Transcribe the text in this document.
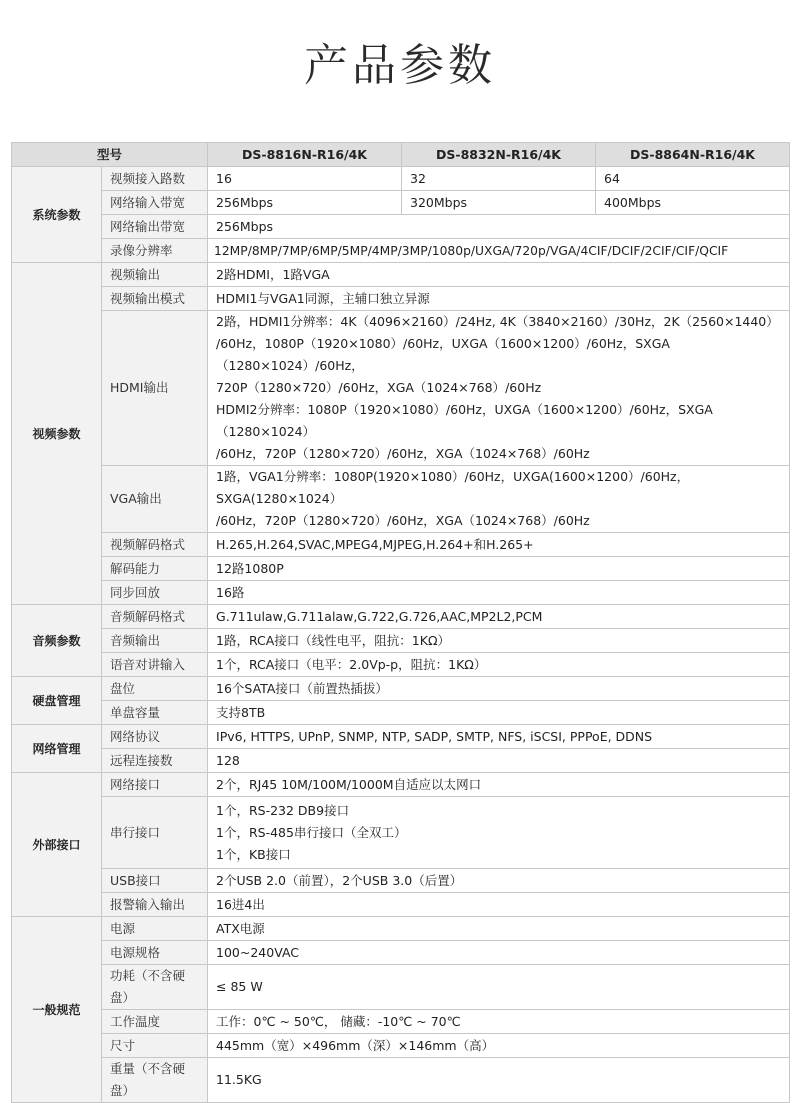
产品参数
型号		DS-8816N-R16/4K	DS-8832N-R16/4K	DS-8864N-R16/4K
系统参数	视频接入路数	16	32	64
	网络输入带宽	256Mbps	320Mbps	400Mbps
	网络输出带宽	256Mbps		
	录像分辨率	12MP/8MP/7MP/6MP/5MP/4MP/3MP/1080p/UXGA/720p/VGA/4CIF/DCIF/2CIF/CIF/QCIF		
视频参数	视频输出	2路HDMI，1路VGA		

	视频输出模式	HDMI1与VGA1同源，主辅口独立异源		

	HDMI输出	2路，HDMI1分辨率：4K（4096×2160）/24Hz, 4K（3840×2160）/30Hz，2K（2560×1440）
/60Hz，1080P（1920×1080）/60Hz，UXGA（1600×1200）/60Hz，SXGA（1280×1024）/60Hz，
720P（1280×720）/60Hz，XGA（1024×768）/60Hz
HDMI2分辨率：1080P（1920×1080）/60Hz，UXGA（1600×1200）/60Hz，SXGA（1280×1024）
/60Hz，720P（1280×720）/60Hz，XGA（1024×768）/60Hz		

	VGA输出	1路，VGA1分辨率：1080P(1920×1080）/60Hz，UXGA(1600×1200）/60Hz，SXGA(1280×1024）
/60Hz，720P（1280×720）/60Hz，XGA（1024×768）/60Hz		

	视频解码格式	H.265,H.264,SVAC,MPEG4,MJPEG,H.264+和H.265+		

	解码能力	12路1080P		

	同步回放	16路		

音频参数	音频解码格式	G.711ulaw,G.711alaw,G.722,G.726,AAC,MP2L2,PCM		

	音频输出	1路，RCA接口（线性电平，阻抗：1KΩ）		

	语音对讲输入	1个，RCA接口（电平：2.0Vp-p，阻抗：1KΩ）		

硬盘管理	盘位	16个SATA接口（前置热插拔）		

	单盘容量	支持8TB		

网络管理	网络协议	IPv6, HTTPS, UPnP, SNMP, NTP, SADP, SMTP, NFS, iSCSI, PPPoE, DDNS		

	远程连接数	128		

外部接口	网络接口	2个，RJ45 10M/100M/1000M自适应以太网口		

	串行接口	1个，RS-232 DB9接口
1个，RS-485串行接口（全双工）
1个，KB接口		

	USB接口	2个USB 2.0（前置），2个USB 3.0（后置）		

	报警输入输出	16进4出		

一般规范	电源	ATX电源		

	电源规格	100~240VAC		

	功耗（不含硬
盘）	≤ 85 W		

	工作温度	工作：0℃ ~ 50℃， 储藏：-10℃ ~ 70℃		

	尺寸	445mm（宽）×496mm（深）×146mm（高）		

	重量（不含硬
盘）	11.5KG		
